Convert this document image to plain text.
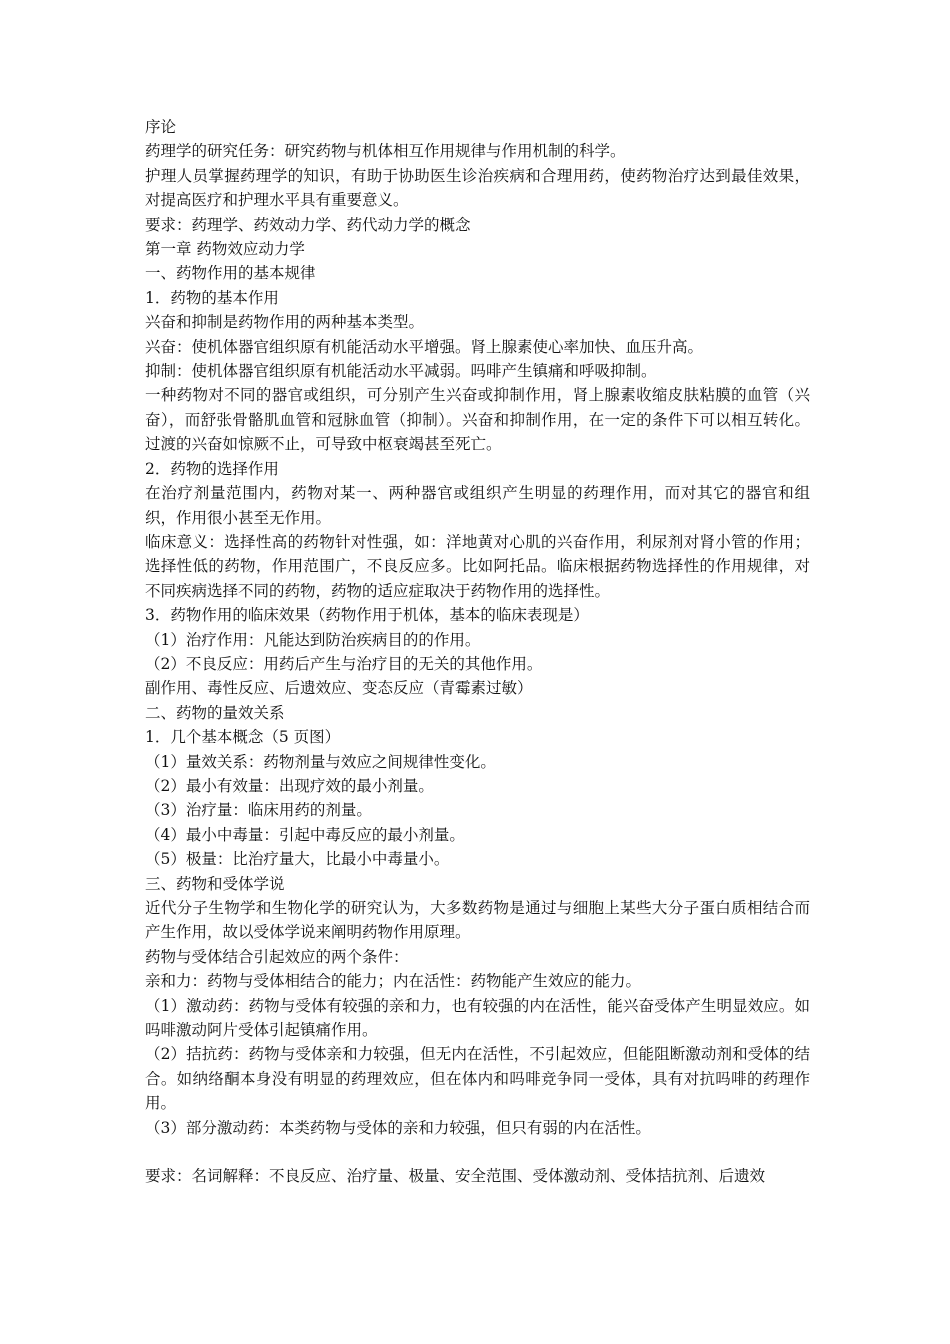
序论

药理学的研究任务：研究药物与机体相互作用规律与作用机制的科学。

护理人员掌握药理学的知识，有助于协助医生诊治疾病和合理用药，使药物治疗达到最佳效果，对提高医疗和护理水平具有重要意义。

要求：药理学、药效动力学、药代动力学的概念

第一章 药物效应动力学

一、药物作用的基本规律

1．药物的基本作用

兴奋和抑制是药物作用的两种基本类型。

兴奋：使机体器官组织原有机能活动水平增强。肾上腺素使心率加快、血压升高。

抑制：使机体器官组织原有机能活动水平减弱。吗啡产生镇痛和呼吸抑制。

一种药物对不同的器官或组织，可分别产生兴奋或抑制作用，肾上腺素收缩皮肤粘膜的血管（兴奋），而舒张骨骼肌血管和冠脉血管（抑制）。兴奋和抑制作用，在一定的条件下可以相互转化。过渡的兴奋如惊厥不止，可导致中枢衰竭甚至死亡。

2．药物的选择作用

在治疗剂量范围内，药物对某一、两种器官或组织产生明显的药理作用，而对其它的器官和组织，作用很小甚至无作用。

临床意义：选择性高的药物针对性强，如：洋地黄对心肌的兴奋作用，利尿剂对肾小管的作用；选择性低的药物，作用范围广，不良反应多。比如阿托品。临床根据药物选择性的作用规律，对不同疾病选择不同的药物，药物的适应症取决于药物作用的选择性。

3．药物作用的临床效果（药物作用于机体，基本的临床表现是）

（1）治疗作用：凡能达到防治疾病目的的作用。

（2）不良反应：用药后产生与治疗目的无关的其他作用。

副作用、毒性反应、后遗效应、变态反应（青霉素过敏）

二、药物的量效关系

1．几个基本概念（5 页图）

（1）量效关系：药物剂量与效应之间规律性变化。

（2）最小有效量：出现疗效的最小剂量。

（3）治疗量：临床用药的剂量。

（4）最小中毒量：引起中毒反应的最小剂量。

（5）极量：比治疗量大，比最小中毒量小。

三、药物和受体学说

近代分子生物学和生物化学的研究认为，大多数药物是通过与细胞上某些大分子蛋白质相结合而产生作用，故以受体学说来阐明药物作用原理。

药物与受体结合引起效应的两个条件：

亲和力：药物与受体相结合的能力；内在活性：药物能产生效应的能力。

（1）激动药：药物与受体有较强的亲和力，也有较强的内在活性，能兴奋受体产生明显效应。如吗啡激动阿片受体引起镇痛作用。

（2）拮抗药：药物与受体亲和力较强，但无内在活性，不引起效应，但能阻断激动剂和受体的结合。如纳络酮本身没有明显的药理效应，但在体内和吗啡竞争同一受体，具有对抗吗啡的药理作用。

（3）部分激动药：本类药物与受体的亲和力较强，但只有弱的内在活性。

要求：名词解释：不良反应、治疗量、极量、安全范围、受体激动剂、受体拮抗剂、后遗效
